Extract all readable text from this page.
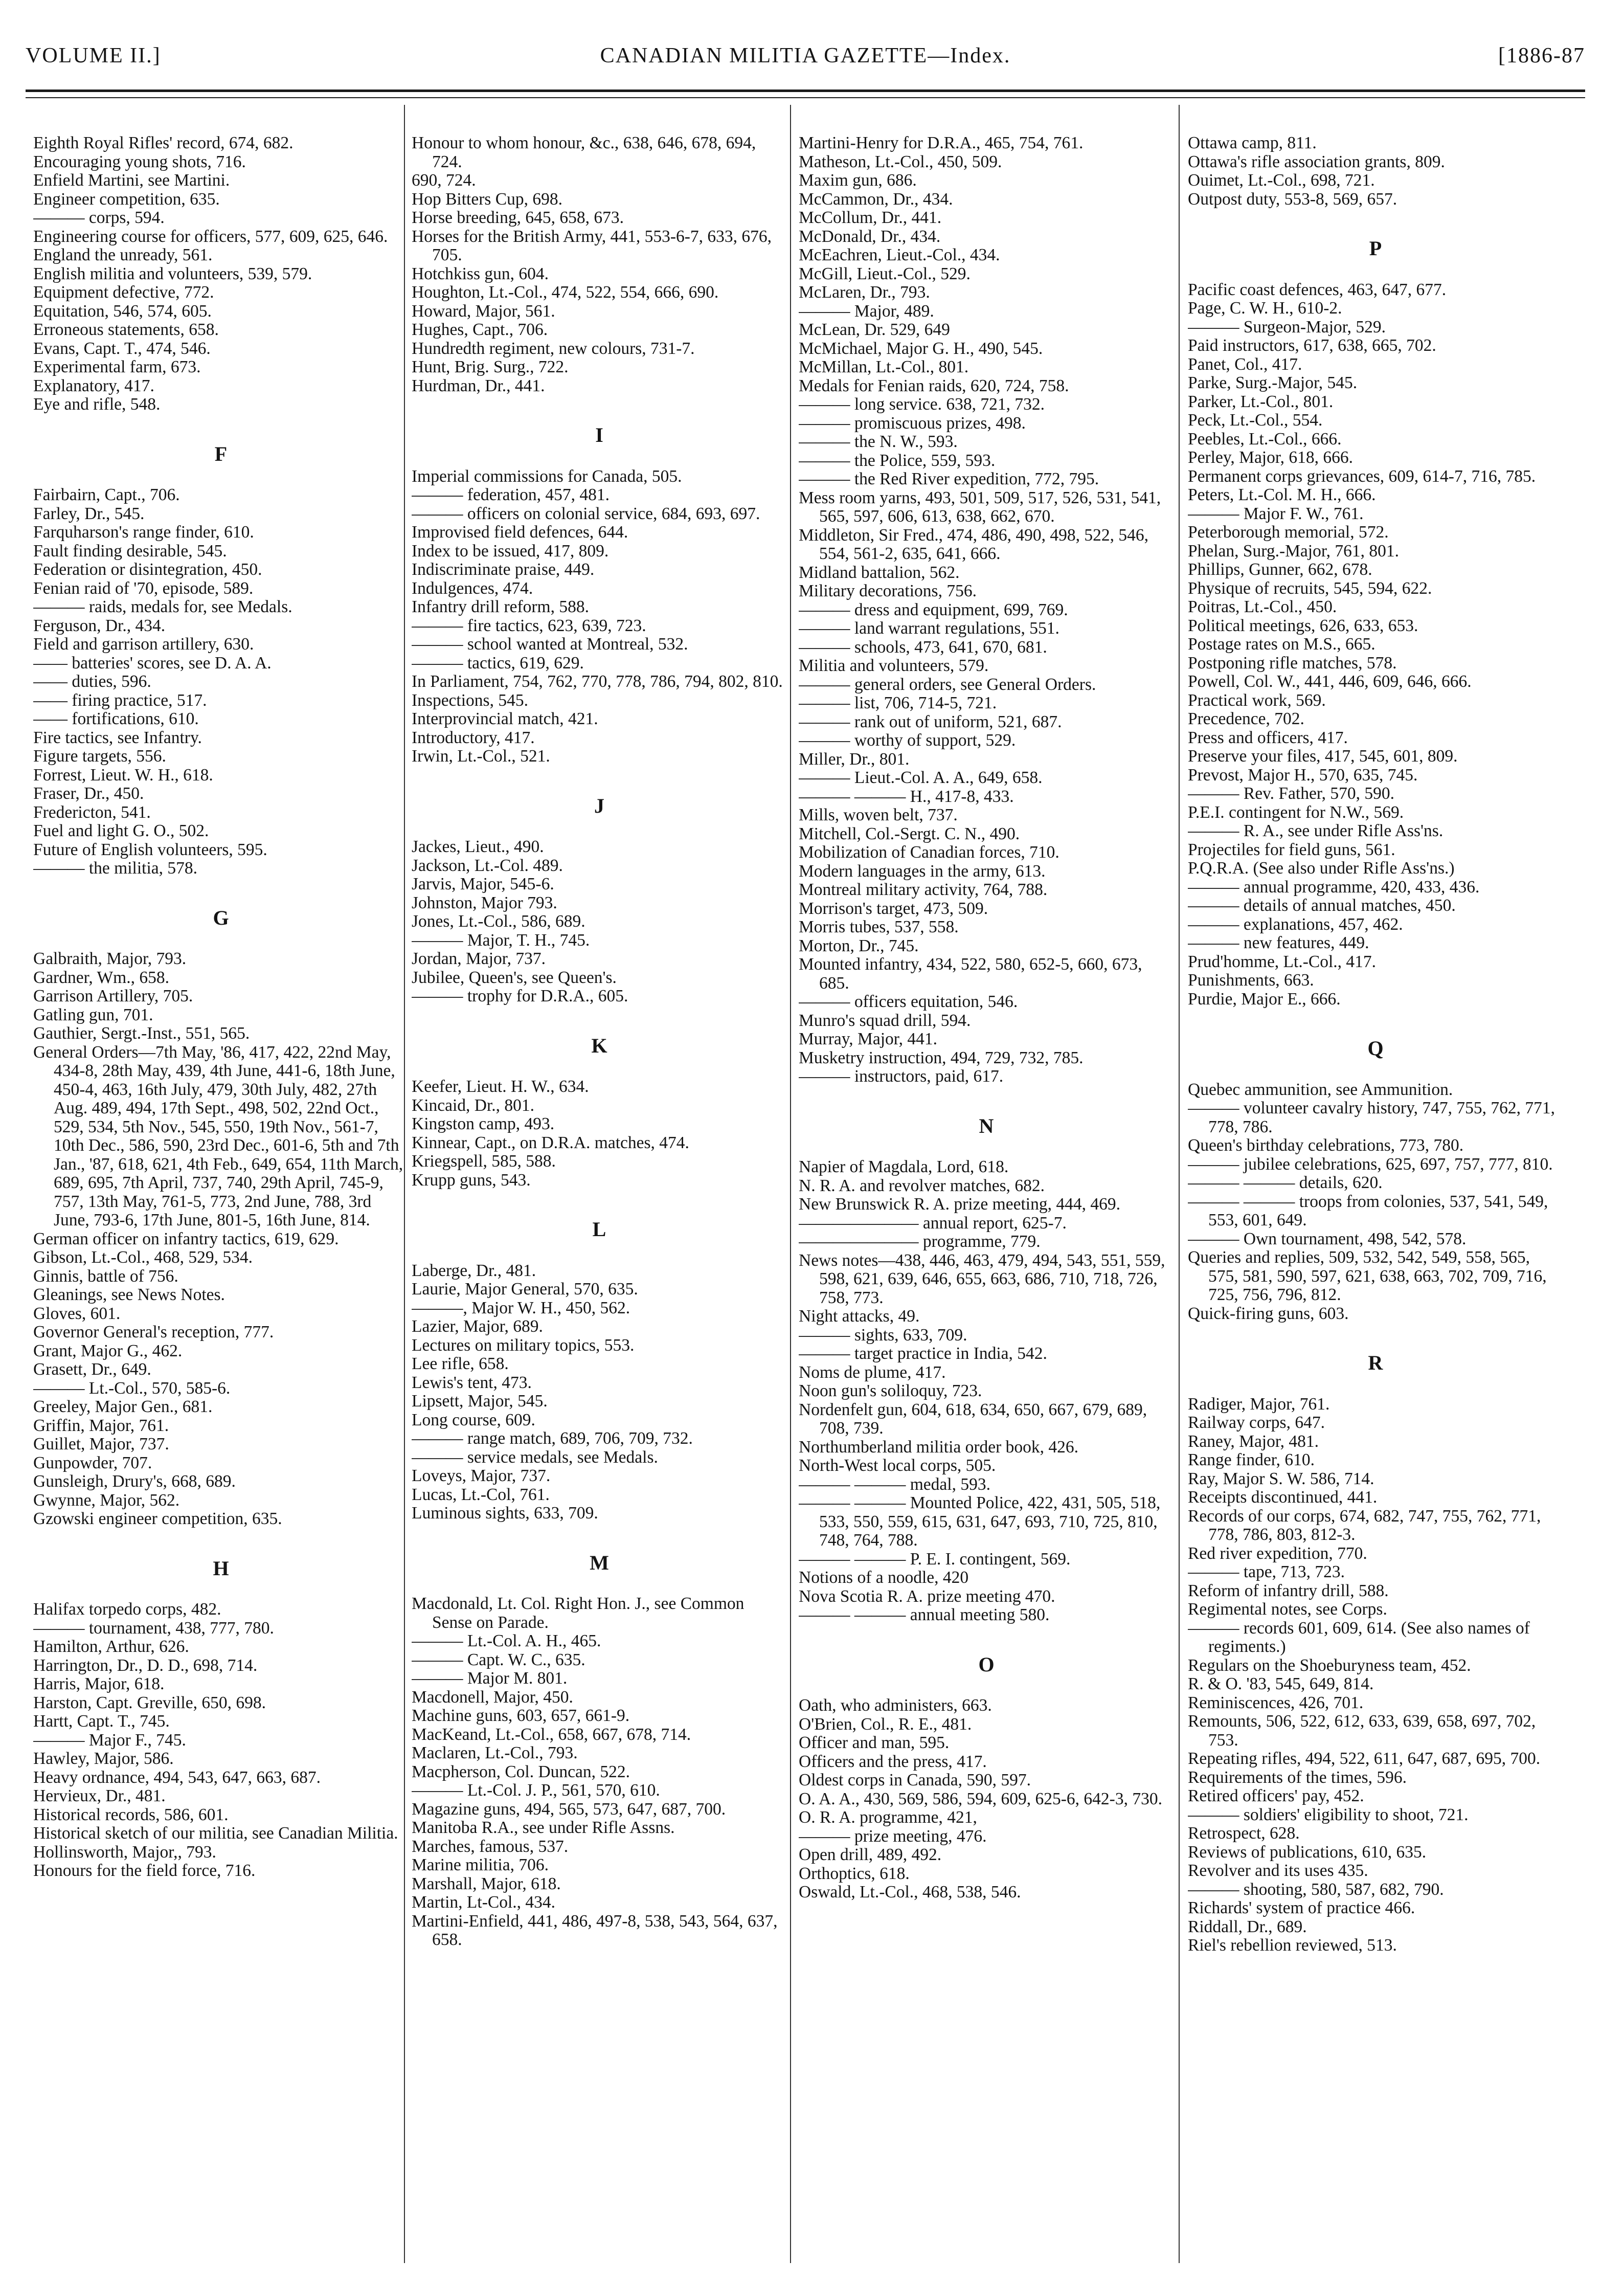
VOLUME II.]	CANADIAN MILITIA GAZETTE—Index.	[1886-87
Eighth Royal Rifles' record, 674, 682.
Encouraging young shots, 716.
Enfield Martini, see Martini.
Engineer competition, 635.
——— corps, 594.
Engineering course for officers, 577, 609, 625, 646.
England the unready, 561.
English militia and volunteers, 539, 579.
Equipment defective, 772.
Equitation, 546, 574, 605.
Erroneous statements, 658.
Evans, Capt. T., 474, 546.
Experimental farm, 673.
Explanatory, 417.
Eye and rifle, 548.
F
Fairbairn, Capt., 706.
Farley, Dr., 545.
Farquharson's range finder, 610.
Fault finding desirable, 545.
Federation or disintegration, 450.
Fenian raid of '70, episode, 589.
——— raids, medals for, see Medals.
Ferguson, Dr., 434.
Field and garrison artillery, 630.
—— batteries' scores, see D. A. A.
—— duties, 596.
—— firing practice, 517.
—— fortifications, 610.
Fire tactics, see Infantry.
Figure targets, 556.
Forrest, Lieut. W. H., 618.
Fraser, Dr., 450.
Fredericton, 541.
Fuel and light G. O., 502.
Future of English volunteers, 595.
——— the militia, 578.
G
Galbraith, Major, 793.
Gardner, Wm., 658.
Garrison Artillery, 705.
Gatling gun, 701.
Gauthier, Sergt.-Inst., 551, 565.
General Orders—7th May, '86, 417, 422, 22nd May, 434-8, 28th May, 439, 4th June, 441-6, 18th June, 450-4, 463, 16th July, 479, 30th July, 482, 27th Aug. 489, 494, 17th Sept., 498, 502, 22nd Oct., 529, 534, 5th Nov., 545, 550, 19th Nov., 561-7, 10th Dec., 586, 590, 23rd Dec., 601-6, 5th and 7th Jan., '87, 618, 621, 4th Feb., 649, 654, 11th March, 689, 695, 7th April, 737, 740, 29th April, 745-9, 757, 13th May, 761-5, 773, 2nd June, 788, 3rd June, 793-6, 17th June, 801-5, 16th June, 814.
German officer on infantry tactics, 619, 629.
Gibson, Lt.-Col., 468, 529, 534.
Ginnis, battle of 756.
Gleanings, see News Notes.
Gloves, 601.
Governor General's reception, 777.
Grant, Major G., 462.
Grasett, Dr., 649.
——— Lt.-Col., 570, 585-6.
Greeley, Major Gen., 681.
Griffin, Major, 761.
Guillet, Major, 737.
Gunpowder, 707.
Gunsleigh, Drury's, 668, 689.
Gwynne, Major, 562.
Gzowski engineer competition, 635.
H
Halifax torpedo corps, 482.
——— tournament, 438, 777, 780.
Hamilton, Arthur, 626.
Harrington, Dr., D. D., 698, 714.
Harris, Major, 618.
Harston, Capt. Greville, 650, 698.
Hartt, Capt. T., 745.
——— Major F., 745.
Hawley, Major, 586.
Heavy ordnance, 494, 543, 647, 663, 687.
Hervieux, Dr., 481.
Historical records, 586, 601.
Historical sketch of our militia, see Canadian Militia.
Hollinsworth, Major,, 793.
Honours for the field force, 716.
Honour to whom honour, &c., 638, 646, 678, 694, 724.
690, 724.
Hop Bitters Cup, 698.
Horse breeding, 645, 658, 673.
Horses for the British Army, 441, 553-6-7, 633, 676, 705.
Hotchkiss gun, 604.
Houghton, Lt.-Col., 474, 522, 554, 666, 690.
Howard, Major, 561.
Hughes, Capt., 706.
Hundredth regiment, new colours, 731-7.
Hunt, Brig. Surg., 722.
Hurdman, Dr., 441.
I
Imperial commissions for Canada, 505.
——— federation, 457, 481.
——— officers on colonial service, 684, 693, 697.
Improvised field defences, 644.
Index to be issued, 417, 809.
Indiscriminate praise, 449.
Indulgences, 474.
Infantry drill reform, 588.
——— fire tactics, 623, 639, 723.
——— school wanted at Montreal, 532.
——— tactics, 619, 629.
In Parliament, 754, 762, 770, 778, 786, 794, 802, 810.
Inspections, 545.
Interprovincial match, 421.
Introductory, 417.
Irwin, Lt.-Col., 521.
J
Jackes, Lieut., 490.
Jackson, Lt.-Col. 489.
Jarvis, Major, 545-6.
Johnston, Major 793.
Jones, Lt.-Col., 586, 689.
——— Major, T. H., 745.
Jordan, Major, 737.
Jubilee, Queen's, see Queen's.
——— trophy for D.R.A., 605.
K
Keefer, Lieut. H. W., 634.
Kincaid, Dr., 801.
Kingston camp, 493.
Kinnear, Capt., on D.R.A. matches, 474.
Kriegspell, 585, 588.
Krupp guns, 543.
L
Laberge, Dr., 481.
Laurie, Major General, 570, 635.
———, Major W. H., 450, 562.
Lazier, Major, 689.
Lectures on military topics, 553.
Lee rifle, 658.
Lewis's tent, 473.
Lipsett, Major, 545.
Long course, 609.
——— range match, 689, 706, 709, 732.
——— service medals, see Medals.
Loveys, Major, 737.
Lucas, Lt.-Col, 761.
Luminous sights, 633, 709.
M
Macdonald, Lt. Col. Right Hon. J., see Common Sense on Parade.
——— Lt.-Col. A. H., 465.
——— Capt. W. C., 635.
——— Major M. 801.
Macdonell, Major, 450.
Machine guns, 603, 657, 661-9.
MacKeand, Lt.-Col., 658, 667, 678, 714.
Maclaren, Lt.-Col., 793.
Macpherson, Col. Duncan, 522.
——— Lt.-Col. J. P., 561, 570, 610.
Magazine guns, 494, 565, 573, 647, 687, 700.
Manitoba R.A., see under Rifle Assns.
Marches, famous, 537.
Marine militia, 706.
Marshall, Major, 618.
Martin, Lt-Col., 434.
Martini-Enfield, 441, 486, 497-8, 538, 543, 564, 637, 658.
Martini-Henry for D.R.A., 465, 754, 761.
Matheson, Lt.-Col., 450, 509.
Maxim gun, 686.
McCammon, Dr., 434.
McCollum, Dr., 441.
McDonald, Dr., 434.
McEachren, Lieut.-Col., 434.
McGill, Lieut.-Col., 529.
McLaren, Dr., 793.
——— Major, 489.
McLean, Dr. 529, 649
McMichael, Major G. H., 490, 545.
McMillan, Lt.-Col., 801.
Medals for Fenian raids, 620, 724, 758.
——— long service. 638, 721, 732.
——— promiscuous prizes, 498.
——— the N. W., 593.
——— the Police, 559, 593.
——— the Red River expedition, 772, 795.
Mess room yarns, 493, 501, 509, 517, 526, 531, 541, 565, 597, 606, 613, 638, 662, 670.
Middleton, Sir Fred., 474, 486, 490, 498, 522, 546, 554, 561-2, 635, 641, 666.
Midland battalion, 562.
Military decorations, 756.
——— dress and equipment, 699, 769.
——— land warrant regulations, 551.
——— schools, 473, 641, 670, 681.
Militia and volunteers, 579.
——— general orders, see General Orders.
——— list, 706, 714-5, 721.
——— rank out of uniform, 521, 687.
——— worthy of support, 529.
Miller, Dr., 801.
——— Lieut.-Col. A. A., 649, 658.
——— ——— H., 417-8, 433.
Mills, woven belt, 737.
Mitchell, Col.-Sergt. C. N., 490.
Mobilization of Canadian forces, 710.
Modern languages in the army, 613.
Montreal military activity, 764, 788.
Morrison's target, 473, 509.
Morris tubes, 537, 558.
Morton, Dr., 745.
Mounted infantry, 434, 522, 580, 652-5, 660, 673, 685.
——— officers equitation, 546.
Munro's squad drill, 594.
Murray, Major, 441.
Musketry instruction, 494, 729, 732, 785.
——— instructors, paid, 617.
N
Napier of Magdala, Lord, 618.
N. R. A. and revolver matches, 682.
New Brunswick R. A. prize meeting, 444, 469.
——————— annual report, 625-7.
——————— programme, 779.
News notes—438, 446, 463, 479, 494, 543, 551, 559, 598, 621, 639, 646, 655, 663, 686, 710, 718, 726, 758, 773.
Night attacks, 49.
——— sights, 633, 709.
——— target practice in India, 542.
Noms de plume, 417.
Noon gun's soliloquy, 723.
Nordenfelt gun, 604, 618, 634, 650, 667, 679, 689, 708, 739.
Northumberland militia order book, 426.
North-West local corps, 505.
——— ——— medal, 593.
——— ——— Mounted Police, 422, 431, 505, 518, 533, 550, 559, 615, 631, 647, 693, 710, 725, 810, 748, 764, 788.
——— ——— P. E. I. contingent, 569.
Notions of a noodle, 420
Nova Scotia R. A. prize meeting 470.
——— ——— annual meeting 580.
O
Oath, who administers, 663.
O'Brien, Col., R. E., 481.
Officer and man, 595.
Officers and the press, 417.
Oldest corps in Canada, 590, 597.
O. A. A., 430, 569, 586, 594, 609, 625-6, 642-3, 730.
O. R. A. programme, 421,
——— prize meeting, 476.
Open drill, 489, 492.
Orthoptics, 618.
Oswald, Lt.-Col., 468, 538, 546.
Ottawa camp, 811.
Ottawa's rifle association grants, 809.
Ouimet, Lt.-Col., 698, 721.
Outpost duty, 553-8, 569, 657.
P
Pacific coast defences, 463, 647, 677.
Page, C. W. H., 610-2.
——— Surgeon-Major, 529.
Paid instructors, 617, 638, 665, 702.
Panet, Col., 417.
Parke, Surg.-Major, 545.
Parker, Lt.-Col., 801.
Peck, Lt.-Col., 554.
Peebles, Lt.-Col., 666.
Perley, Major, 618, 666.
Permanent corps grievances, 609, 614-7, 716, 785.
Peters, Lt.-Col. M. H., 666.
——— Major F. W., 761.
Peterborough memorial, 572.
Phelan, Surg.-Major, 761, 801.
Phillips, Gunner, 662, 678.
Physique of recruits, 545, 594, 622.
Poitras, Lt.-Col., 450.
Political meetings, 626, 633, 653.
Postage rates on M.S., 665.
Postponing rifle matches, 578.
Powell, Col. W., 441, 446, 609, 646, 666.
Practical work, 569.
Precedence, 702.
Press and officers, 417.
Preserve your files, 417, 545, 601, 809.
Prevost, Major H., 570, 635, 745.
——— Rev. Father, 570, 590.
P.E.I. contingent for N.W., 569.
——— R. A., see under Rifle Ass'ns.
Projectiles for field guns, 561.
P.Q.R.A. (See also under Rifle Ass'ns.)
——— annual programme, 420, 433, 436.
——— details of annual matches, 450.
——— explanations, 457, 462.
——— new features, 449.
Prud'homme, Lt.-Col., 417.
Punishments, 663.
Purdie, Major E., 666.
Q
Quebec ammunition, see Ammunition.
——— volunteer cavalry history, 747, 755, 762, 771, 778, 786.
Queen's birthday celebrations, 773, 780.
——— jubilee celebrations, 625, 697, 757, 777, 810.
——— ——— details, 620.
——— ——— troops from colonies, 537, 541, 549, 553, 601, 649.
——— Own tournament, 498, 542, 578.
Queries and replies, 509, 532, 542, 549, 558, 565, 575, 581, 590, 597, 621, 638, 663, 702, 709, 716, 725, 756, 796, 812.
Quick-firing guns, 603.
R
Radiger, Major, 761.
Railway corps, 647.
Raney, Major, 481.
Range finder, 610.
Ray, Major S. W. 586, 714.
Receipts discontinued, 441.
Records of our corps, 674, 682, 747, 755, 762, 771, 778, 786, 803, 812-3.
Red river expedition, 770.
——— tape, 713, 723.
Reform of infantry drill, 588.
Regimental notes, see Corps.
——— records 601, 609, 614. (See also names of regiments.)
Regulars on the Shoeburyness team, 452.
R. & O. '83, 545, 649, 814.
Reminiscences, 426, 701.
Remounts, 506, 522, 612, 633, 639, 658, 697, 702, 753.
Repeating rifles, 494, 522, 611, 647, 687, 695, 700.
Requirements of the times, 596.
Retired officers' pay, 452.
——— soldiers' eligibility to shoot, 721.
Retrospect, 628.
Reviews of publications, 610, 635.
Revolver and its uses 435.
——— shooting, 580, 587, 682, 790.
Richards' system of practice 466.
Riddall, Dr., 689.
Riel's rebellion reviewed, 513.
